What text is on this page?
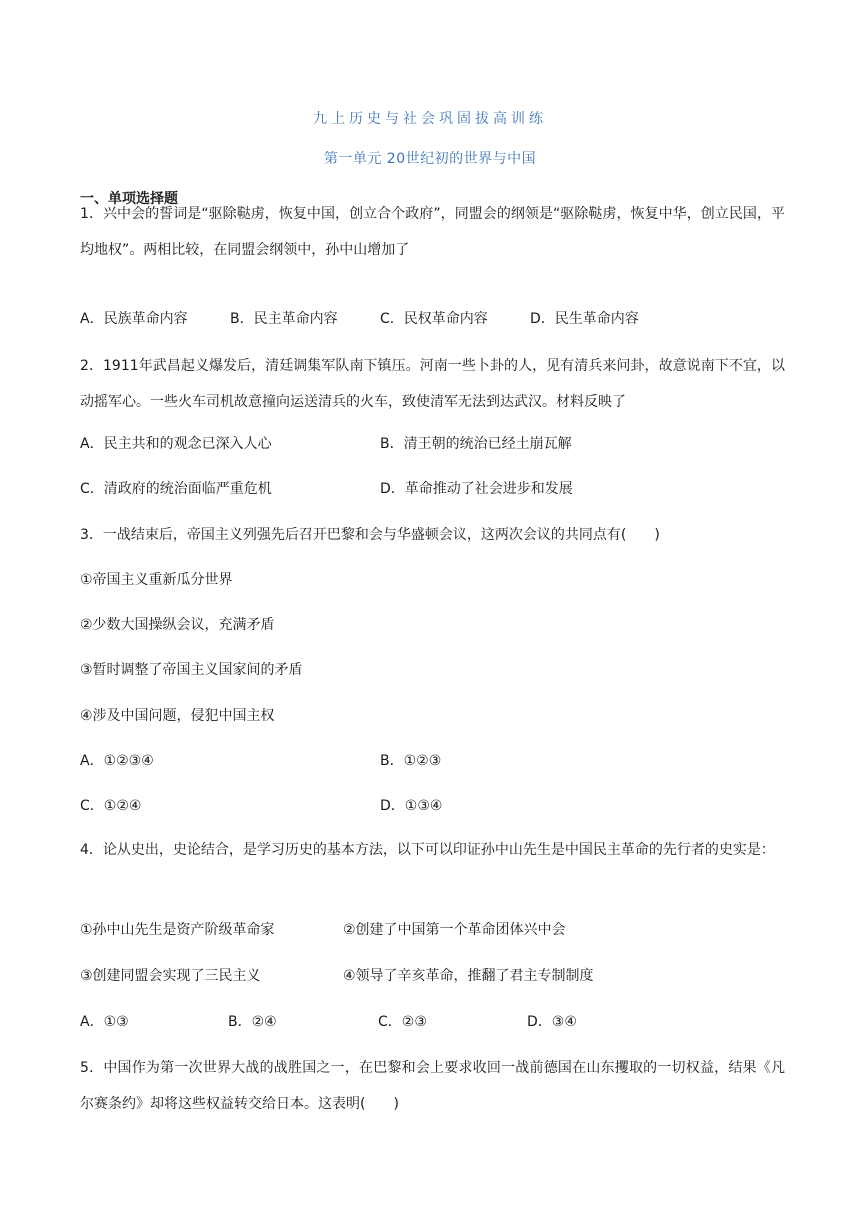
九上历史与社会巩固拔高训练
第一单元 20世纪初的世界与中国
一、单项选择题
1．兴中会的誓词是“驱除鞑虏，恢复中国，创立合个政府”，同盟会的纲领是“驱除鞑虏，恢复中华，创立民国，平均地权”。两相比较，在同盟会纲领中，孙中山增加了
A．民族革命内容	B．民主革命内容	C．民权革命内容	D．民生革命内容
2．1911年武昌起义爆发后，清廷调集军队南下镇压。河南一些卜卦的人，见有清兵来问卦，故意说南下不宜，以动摇军心。一些火车司机故意撞向运送清兵的火车，致使清军无法到达武汉。材料反映了
A．民主共和的观念已深入人心	B．清王朝的统治已经土崩瓦解
C．清政府的统治面临严重危机	D．革命推动了社会进步和发展
3．一战结束后，帝国主义列强先后召开巴黎和会与华盛顿会议，这两次会议的共同点有(　　)
①帝国主义重新瓜分世界
②少数大国操纵会议，充满矛盾
③暂时调整了帝国主义国家间的矛盾
④涉及中国问题，侵犯中国主权
A．①②③④	B．①②③
C．①②④	D．①③④
4．论从史出，史论结合，是学习历史的基本方法，以下可以印证孙中山先生是中国民主革命的先行者的史实是：
①孙中山先生是资产阶级革命家	②创建了中国第一个革命团体兴中会
③创建同盟会实现了三民主义	④领导了辛亥革命，推翻了君主专制制度
A．①③	B．②④	C．②③	D．③④
5．中国作为第一次世界大战的战胜国之一，在巴黎和会上要求收回一战前德国在山东攫取的一切权益，结果《凡尔赛条约》却将这些权益转交给日本。这表明(　　)
